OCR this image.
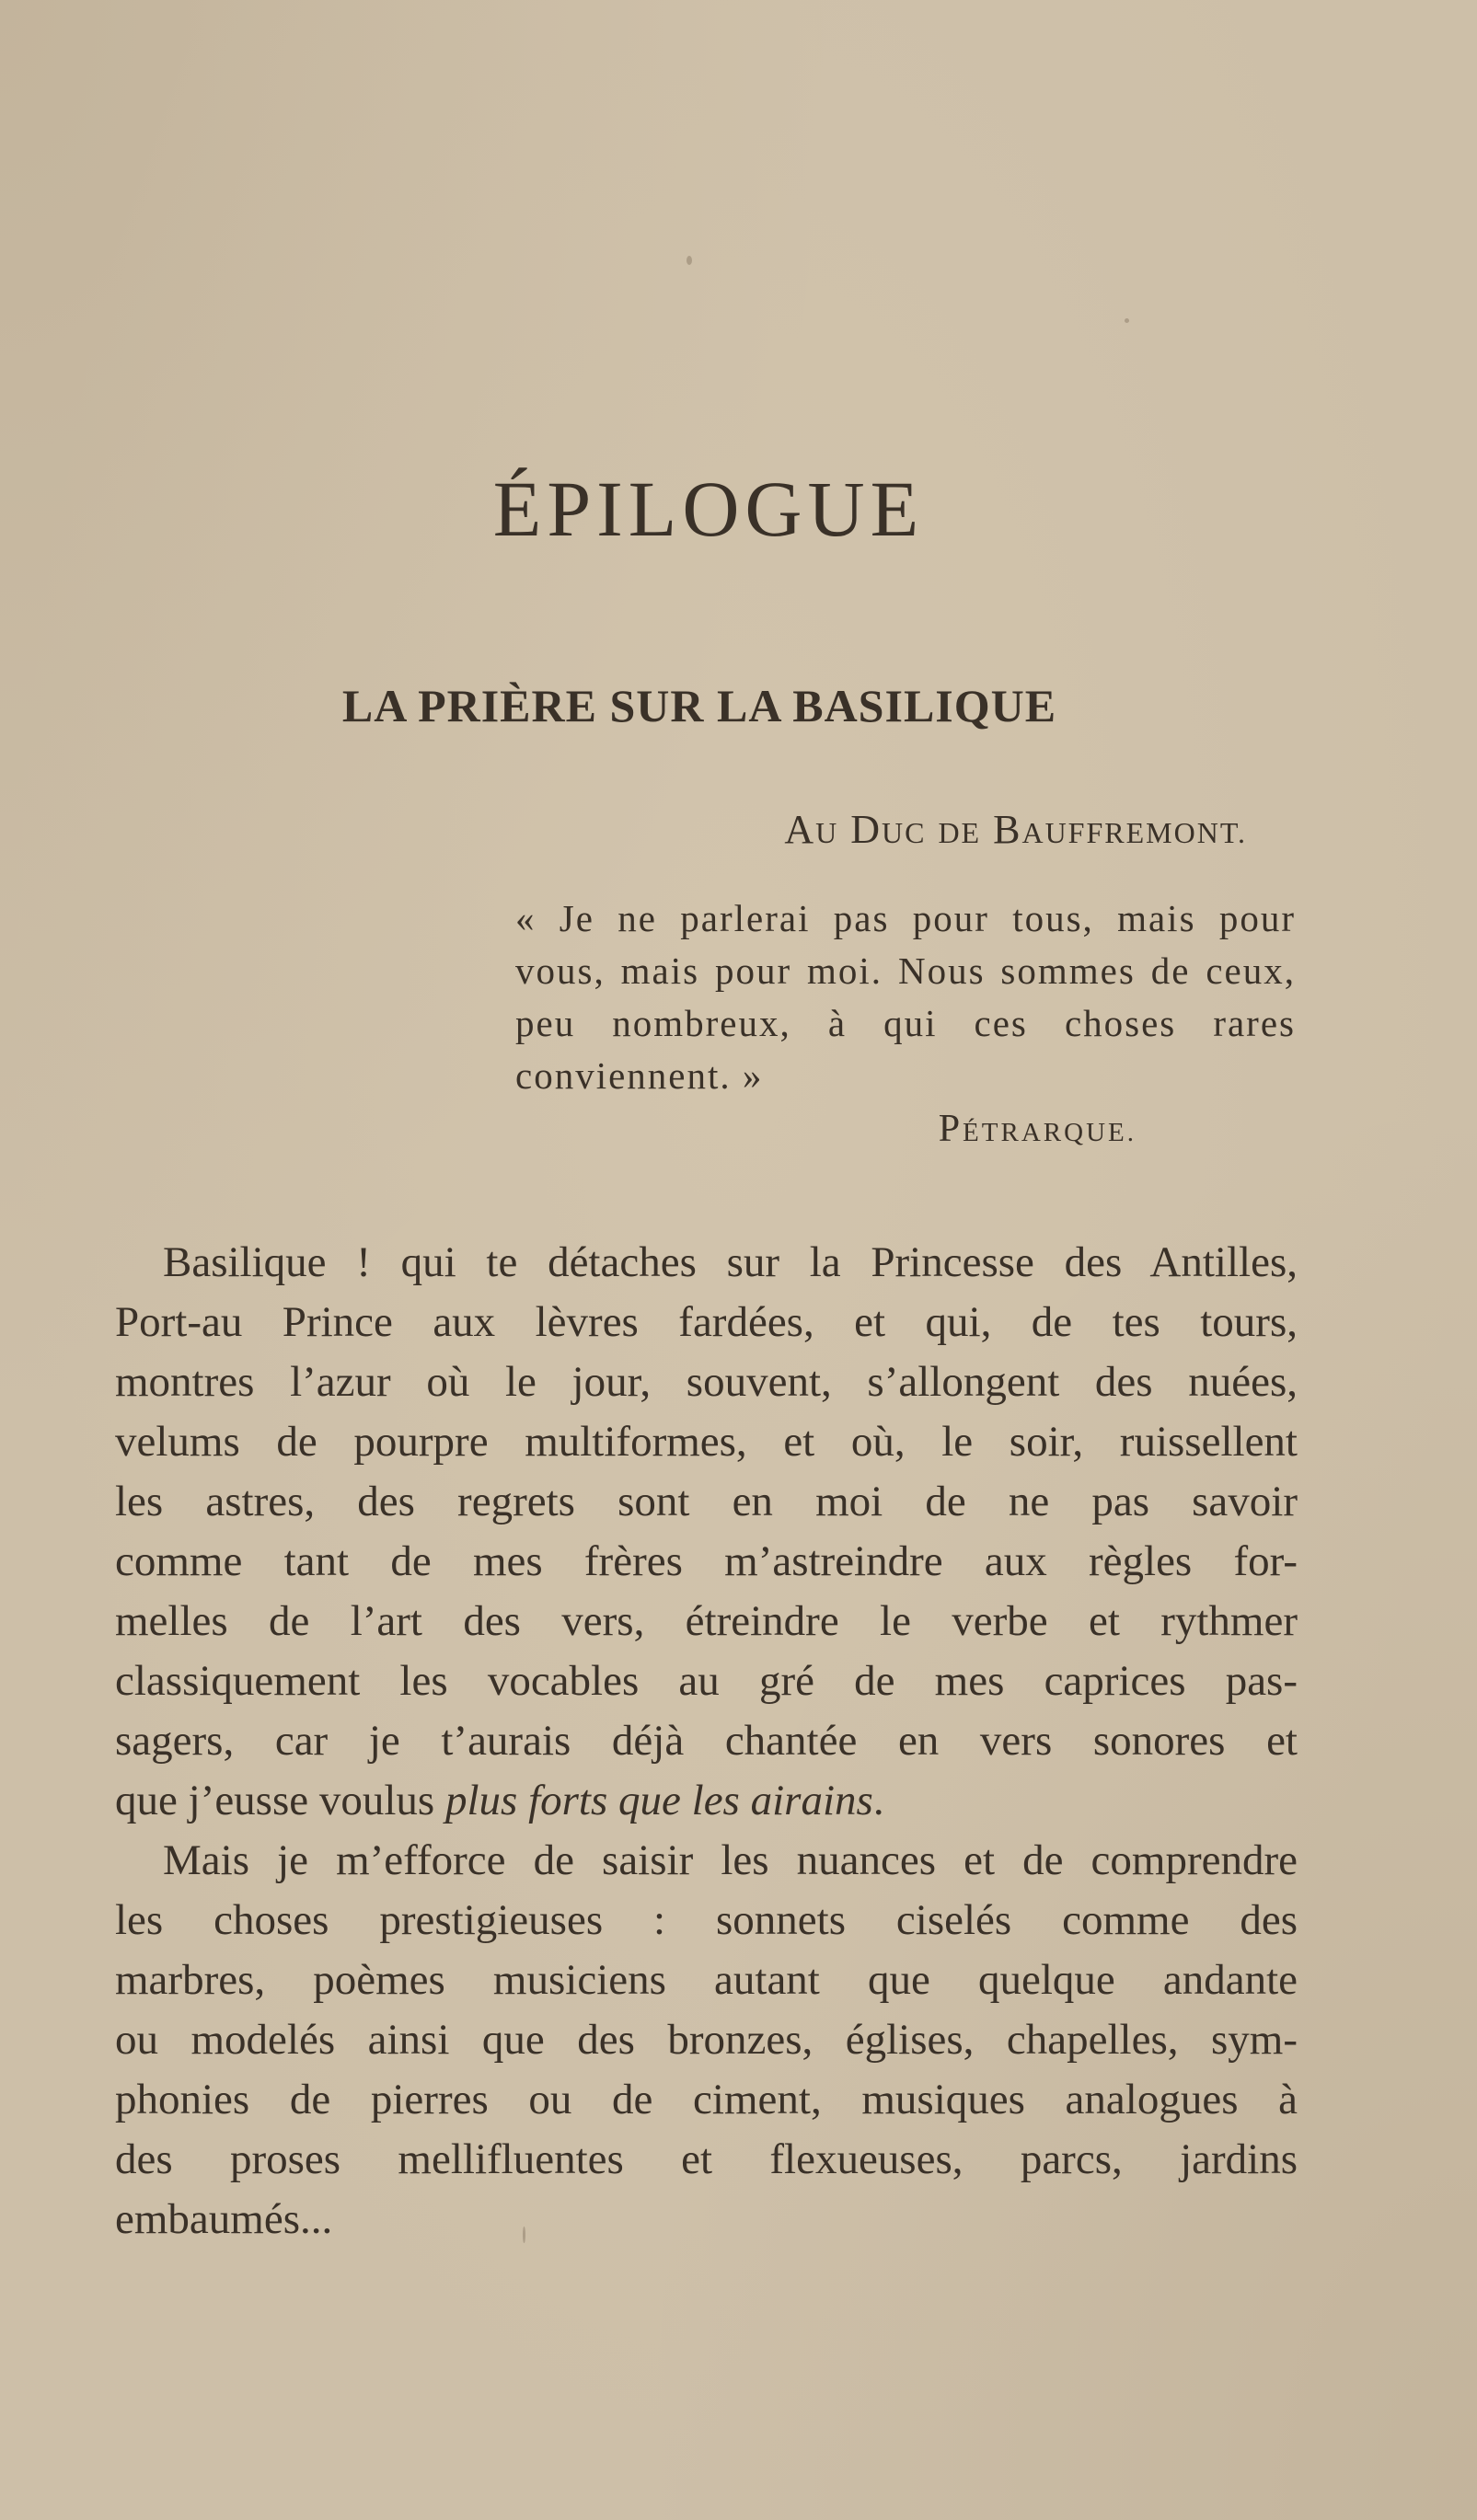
ÉPILOGUE
LA PRIÈRE SUR LA BASILIQUE
AU DUC DE BAUFFREMONT.

« Je ne parlerai pas pour tous, mais pour vous, mais pour moi. Nous sommes de ceux, peu nombreux, à qui ces choses rares conviennent. »

PÉTRARQUE.
Basilique ! qui te détaches sur la Princesse des Antilles,
Port-au Prince aux lèvres fardées, et qui, de tes tours,
montres l’azur où le jour, souvent, s’allongent des nuées,
velums de pourpre multiformes, et où, le soir, ruissellent
les astres, des regrets sont en moi de ne pas savoir
comme tant de mes frères m’astreindre aux règles for-
melles de l’art des vers, étreindre le verbe et rythmer
classiquement les vocables au gré de mes caprices pas-
sagers, car je t’aurais déjà chantée en vers sonores et
que j’eusse voulus plus forts que les airains.
Mais je m’efforce de saisir les nuances et de comprendre
les choses prestigieuses : sonnets ciselés comme des
marbres, poèmes musiciens autant que quelque andante
ou modelés ainsi que des bronzes, églises, chapelles, sym-
phonies de pierres ou de ciment, musiques analogues à
des proses mellifluentes et flexueuses, parcs, jardins
embaumés...
